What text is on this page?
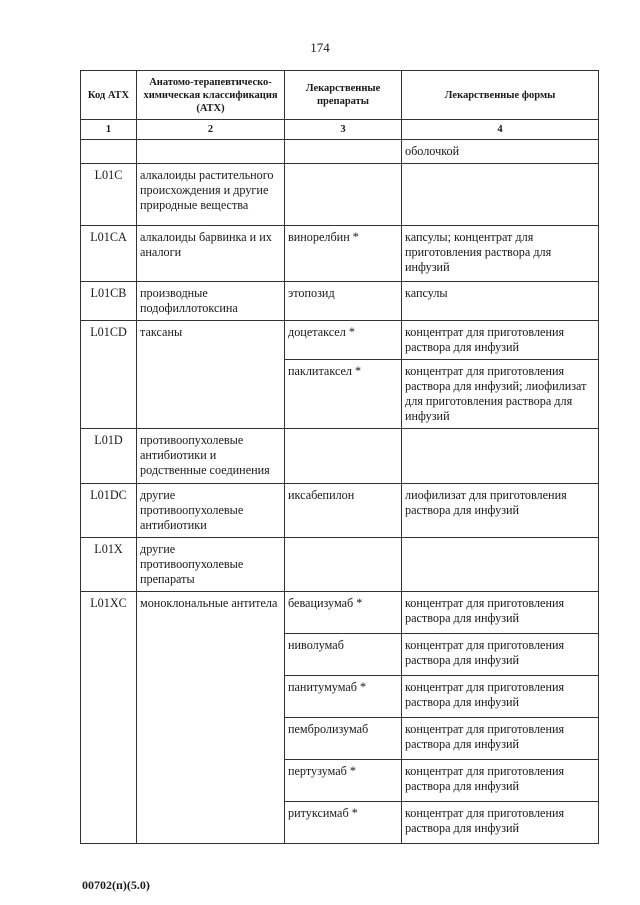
174
Код АТХ	Анатомо-терапевтическо-химическая классификация (АТХ)	Лекарственные препараты	Лекарственные формы
1	2	3	4
			оболочкой
L01C	алкалоиды растительного происхождения и другие природные вещества		
L01CA	алкалоиды барвинка и их аналоги	винорелбин *	капсулы; концентрат для приготовления раствора для инфузий
L01CB	производные подофиллотоксина	этопозид	капсулы
L01CD	таксаны	доцетаксел *	концентрат для приготовления раствора для инфузий
		паклитаксел *	концентрат для приготовления раствора для инфузий; лиофилизат для приготовления раствора для инфузий
L01D	противоопухолевые антибиотики и родственные соединения		
L01DC	другие противоопухолевые антибиотики	иксабепилон	лиофилизат для приготовления раствора для инфузий
L01X	другие противоопухолевые препараты		
L01XC	моноклональные антитела	бевацизумаб *	концентрат для приготовления раствора для инфузий
		ниволумаб	концентрат для приготовления раствора для инфузий
		панитумумаб *	концентрат для приготовления раствора для инфузий
		пембролизумаб	концентрат для приготовления раствора для инфузий
		пертузумаб *	концентрат для приготовления раствора для инфузий
		ритуксимаб *	концентрат для приготовления раствора для инфузий
00702(п)(5.0)
